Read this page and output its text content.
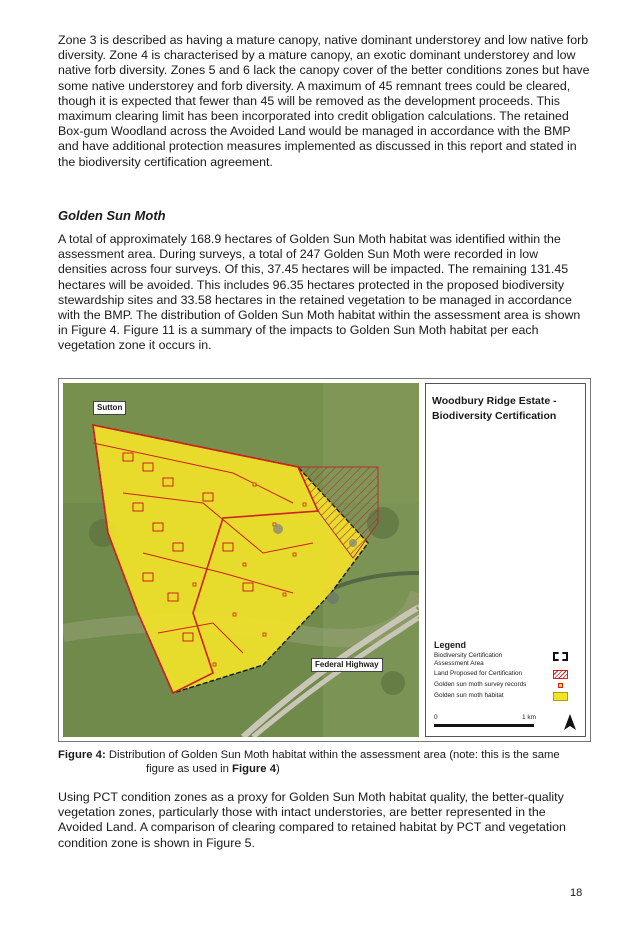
Zone 3 is described as having a mature canopy, native dominant understorey and low native forb diversity. Zone 4 is characterised by a mature canopy, an exotic dominant understorey and low native forb diversity. Zones 5 and 6 lack the canopy cover of the better conditions zones but have some native understorey and forb diversity. A maximum of 45 remnant trees could be cleared, though it is expected that fewer than 45 will be removed as the development proceeds. This maximum clearing limit has been incorporated into credit obligation calculations. The retained Box-gum Woodland across the Avoided Land would be managed in accordance with the BMP and have additional protection measures implemented as discussed in this report and stated in the biodiversity certification agreement.

Golden Sun Moth

A total of approximately 168.9 hectares of Golden Sun Moth habitat was identified within the assessment area. During surveys, a total of 247 Golden Sun Moth were recorded in low densities across four surveys. Of this, 37.45 hectares will be impacted. The remaining 131.45 hectares will be avoided. This includes 96.35 hectares protected in the proposed biodiversity stewardship sites and 33.58 hectares in the retained vegetation to be managed in accordance with the BMP. The distribution of Golden Sun Moth habitat within the assessment area is shown in Figure 4. Figure 11 is a summary of the impacts to Golden Sun Moth habitat per each vegetation zone it occurs in.

Sutton
Federal Highway
Woodbury Ridge Estate - Biodiversity Certification
Legend
Biodiversity Certification Assessment Area
Land Proposed for Certification
Golden sun moth survey records
Golden sun moth habitat
0	1 km

Figure 4: Distribution of Golden Sun Moth habitat within the assessment area (note: this is the same
figure as used in Figure 4)

Using PCT condition zones as a proxy for Golden Sun Moth habitat quality, the better-quality vegetation zones, particularly those with intact understories, are better represented in the Avoided Land. A comparison of clearing compared to retained habitat by PCT and vegetation condition zone is shown in Figure 5.

18
